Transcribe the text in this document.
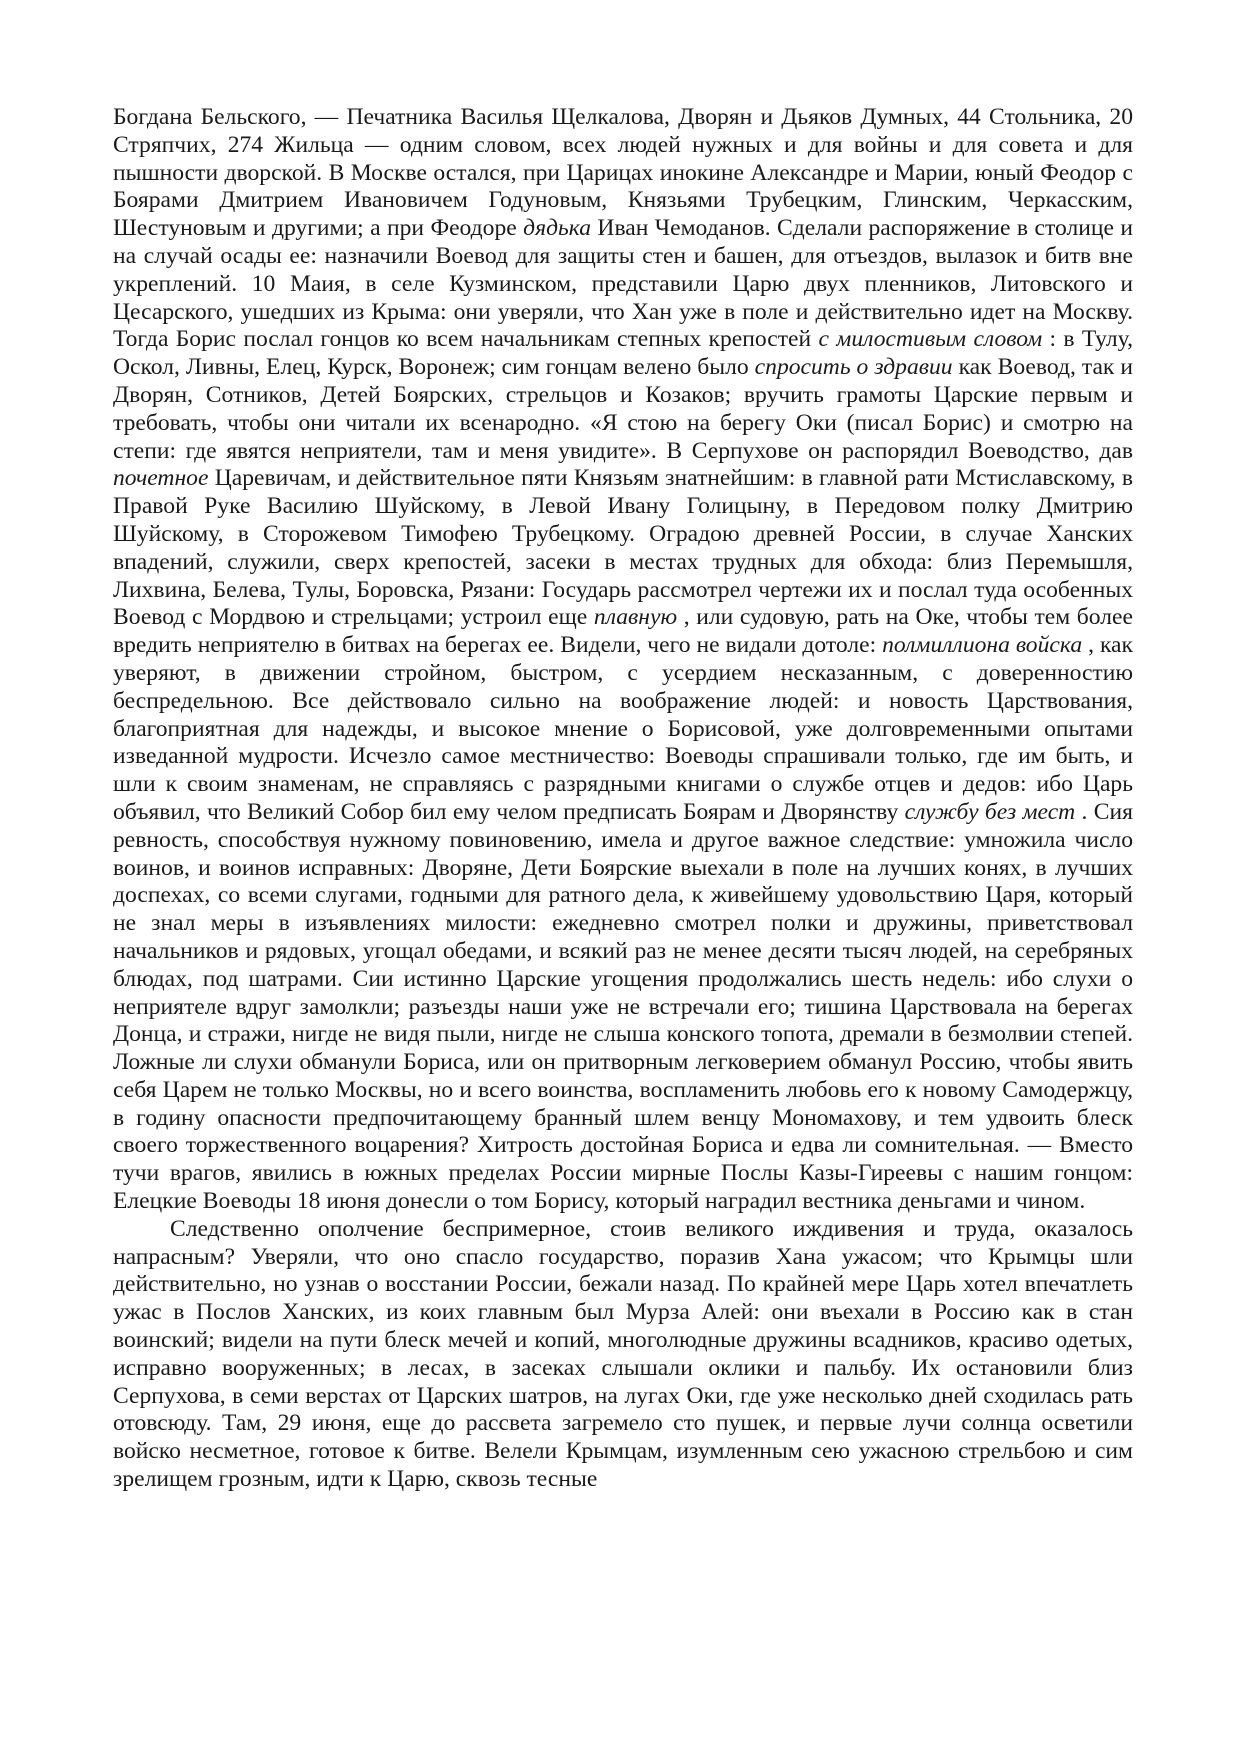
Богдана Бельского, — Печатника Василья Щелкалова, Дворян и Дьяков Думных, 44 Стольника, 20 Стряпчих, 274 Жильца — одним словом, всех людей нужных и для войны и для совета и для пышности дворской. В Москве остался, при Царицах инокине Александре и Марии, юный Феодор с Боярами Дмитрием Ивановичем Годуновым, Князьями Трубецким, Глинским, Черкасским, Шестуновым и другими; а при Феодоре дядька Иван Чемоданов. Сделали распоряжение в столице и на случай осады ее: назначили Воевод для защиты стен и башен, для отъездов, вылазок и битв вне укреплений. 10 Маия, в селе Кузминском, представили Царю двух пленников, Литовского и Цесарского, ушедших из Крыма: они уверяли, что Хан уже в поле и действительно идет на Москву. Тогда Борис послал гонцов ко всем начальникам степных крепостей с милостивым словом : в Тулу, Оскол, Ливны, Елец, Курск, Воронеж; сим гонцам велено было спросить о здравии как Воевод, так и Дворян, Сотников, Детей Боярских, стрельцов и Козаков; вручить грамоты Царские первым и требовать, чтобы они читали их всенародно. «Я стою на берегу Оки (писал Борис) и смотрю на степи: где явятся неприятели, там и меня увидите». В Серпухове он распорядил Воеводство, дав почетное Царевичам, и действительное пяти Князьям знатнейшим: в главной рати Мстиславскому, в Правой Руке Василию Шуйскому, в Левой Ивану Голицыну, в Передовом полку Дмитрию Шуйскому, в Сторожевом Тимофею Трубецкому. Оградою древней России, в случае Ханских впадений, служили, сверх крепостей, засеки в местах трудных для обхода: близ Перемышля, Лихвина, Белева, Тулы, Боровска, Рязани: Государь рассмотрел чертежи их и послал туда особенных Воевод с Мордвою и стрельцами; устроил еще плавную , или судовую, рать на Оке, чтобы тем более вредить неприятелю в битвах на берегах ее. Видели, чего не видали дотоле: полмиллиона войска , как уверяют, в движении стройном, быстром, с усердием несказанным, с доверенностию беспредельною. Все действовало сильно на воображение людей: и новость Царствования, благоприятная для надежды, и высокое мнение о Борисовой, уже долговременными опытами изведанной мудрости. Исчезло самое местничество: Воеводы спрашивали только, где им быть, и шли к своим знаменам, не справляясь с разрядными книгами о службе отцев и дедов: ибо Царь объявил, что Великий Собор бил ему челом предписать Боярам и Дворянству службу без мест . Сия ревность, способствуя нужному повиновению, имела и другое важное следствие: умножила число воинов, и воинов исправных: Дворяне, Дети Боярские выехали в поле на лучших конях, в лучших доспехах, со всеми слугами, годными для ратного дела, к живейшему удовольствию Царя, который не знал меры в изъявлениях милости: ежедневно смотрел полки и дружины, приветствовал начальников и рядовых, угощал обедами, и всякий раз не менее десяти тысяч людей, на серебряных блюдах, под шатрами. Сии истинно Царские угощения продолжались шесть недель: ибо слухи о неприятеле вдруг замолкли; разъезды наши уже не встречали его; тишина Царствовала на берегах Донца, и стражи, нигде не видя пыли, нигде не слыша конского топота, дремали в безмолвии степей. Ложные ли слухи обманули Бориса, или он притворным легковерием обманул Россию, чтобы явить себя Царем не только Москвы, но и всего воинства, воспламенить любовь его к новому Самодержцу, в годину опасности предпочитающему бранный шлем венцу Мономахову, и тем удвоить блеск своего торжественного воцарения? Хитрость достойная Бориса и едва ли сомнительная. — Вместо тучи врагов, явились в южных пределах России мирные Послы Казы-Гиреевы с нашим гонцом: Елецкие Воеводы 18 июня донесли о том Борису, который наградил вестника деньгами и чином.

Следственно ополчение беспримерное, стоив великого иждивения и труда, оказалось напрасным? Уверяли, что оно спасло государство, поразив Хана ужасом; что Крымцы шли действительно, но узнав о восстании России, бежали назад. По крайней мере Царь хотел впечатлеть ужас в Послов Ханских, из коих главным был Мурза Алей: они въехали в Россию как в стан воинский; видели на пути блеск мечей и копий, многолюдные дружины всадников, красиво одетых, исправно вооруженных; в лесах, в засеках слышали оклики и пальбу. Их остановили близ Серпухова, в семи верстах от Царских шатров, на лугах Оки, где уже несколько дней сходилась рать отовсюду. Там, 29 июня, еще до рассвета загремело сто пушек, и первые лучи солнца осветили войско несметное, готовое к битве. Велели Крымцам, изумленным сею ужасною стрельбою и сим зрелищем грозным, идти к Царю, сквозь тесные
